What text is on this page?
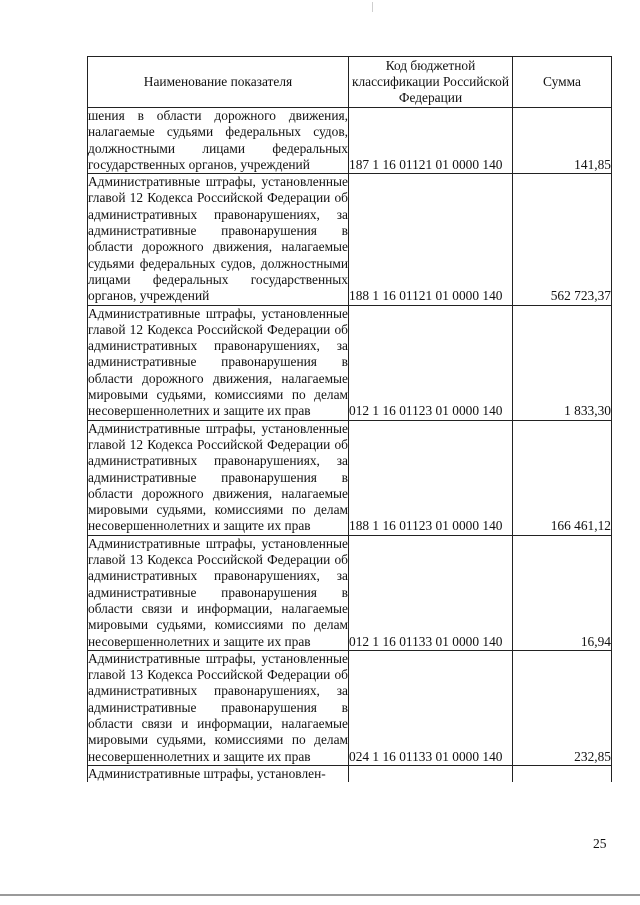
Наименование показателя	Код бюджетной классификации Российской Федерации	Сумма
шения в области дорожного движения, налагаемые судьями федеральных судов, должностными лицами федеральных государственных органов, учреждений	187 1 16 01121 01 0000 140	141,85
Административные штрафы, установленные главой 12 Кодекса Российской Федерации об административных правонарушениях, за административные правонарушения в области дорожного движения, налагаемые судьями федеральных судов, должностными лицами федеральных государственных органов, учреждений	188 1 16 01121 01 0000 140	562 723,37
Административные штрафы, установленные главой 12 Кодекса Российской Федерации об административных правонарушениях, за административные правонарушения в области дорожного движения, налагаемые мировыми судьями, комиссиями по делам несовершеннолетних и защите их прав	012 1 16 01123 01 0000 140	1 833,30
Административные штрафы, установленные главой 12 Кодекса Российской Федерации об административных правонарушениях, за административные правонарушения в области дорожного движения, налагаемые мировыми судьями, комиссиями по делам несовершеннолетних и защите их прав	188 1 16 01123 01 0000 140	166 461,12
Административные штрафы, установленные главой 13 Кодекса Российской Федерации об административных правонарушениях, за административные правонарушения в области связи и информации, налагаемые мировыми судьями, комиссиями по делам несовершеннолетних и защите их прав	012 1 16 01133 01 0000 140	16,94
Административные штрафы, установленные главой 13 Кодекса Российской Федерации об административных правонарушениях, за административные правонарушения в области связи и информации, налагаемые мировыми судьями, комиссиями по делам несовершеннолетних и защите их прав	024 1 16 01133 01 0000 140	232,85
Административные штрафы, установлен-		
25
